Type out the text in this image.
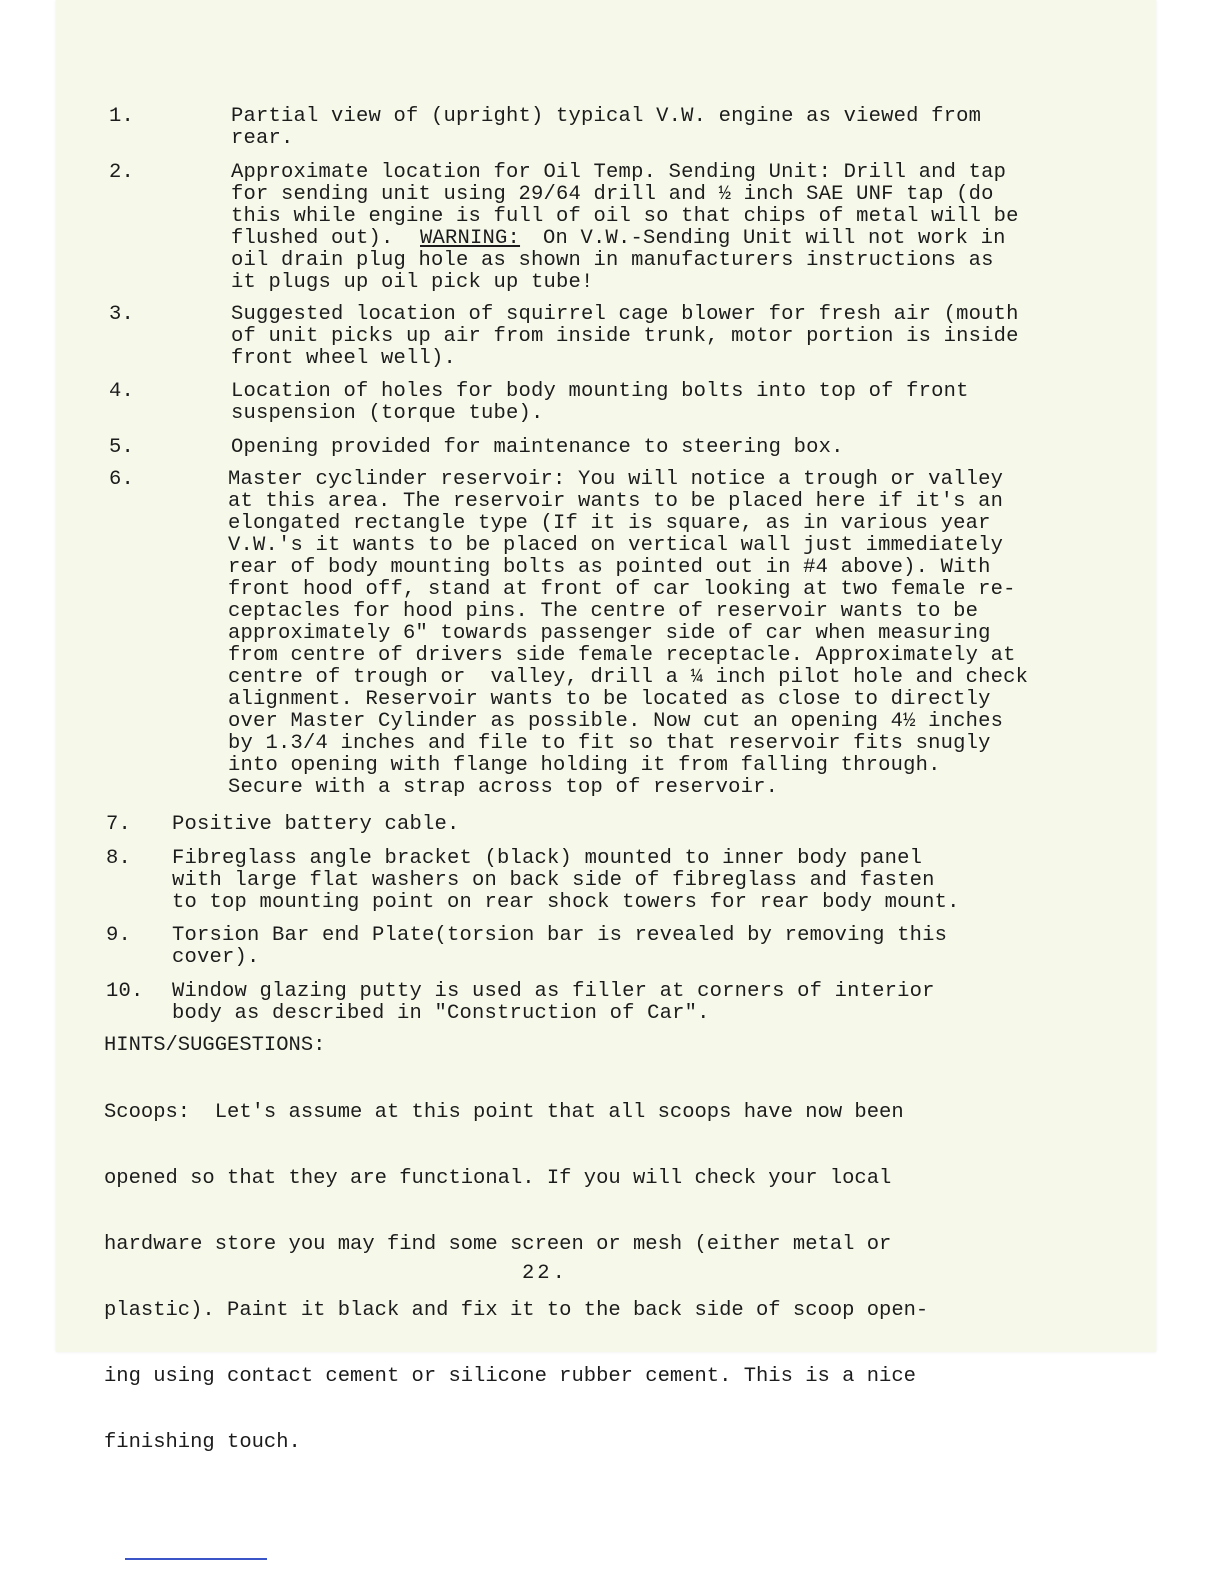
1.	Partial view of (upright) typical V.W. engine as viewed from
rear.
2.	Approximate location for Oil Temp. Sending Unit: Drill and tap
for sending unit using 29/64 drill and ½ inch SAE UNF tap (do
this while engine is full of oil so that chips of metal will be
flushed out). WARNING: On V.W.-Sending Unit will not work in
oil drain plug hole as shown in manufacturers instructions as
it plugs up oil pick up tube!
3.	Suggested location of squirrel cage blower for fresh air (mouth
of unit picks up air from inside trunk, motor portion is inside
front wheel well).
4.	Location of holes for body mounting bolts into top of front
suspension (torque tube).
5.	Opening provided for maintenance to steering box.
6.	Master cyclinder reservoir: You will notice a trough or valley
at this area. The reservoir wants to be placed here if it's an
elongated rectangle type (If it is square, as in various year
V.W.'s it wants to be placed on vertical wall just immediately
rear of body mounting bolts as pointed out in #4 above). With
front hood off, stand at front of car looking at two female re-
ceptacles for hood pins. The centre of reservoir wants to be
approximately 6" towards passenger side of car when measuring
from centre of drivers side female receptacle. Approximately at
centre of trough or  valley, drill a ¼ inch pilot hole and check
alignment. Reservoir wants to be located as close to directly
over Master Cylinder as possible. Now cut an opening 4½ inches
by 1.3/4 inches and file to fit so that reservoir fits snugly
into opening with flange holding it from falling through.
Secure with a strap across top of reservoir.
7. Positive battery cable.
8. Fibreglass angle bracket (black) mounted to inner body panel
with large flat washers on back side of fibreglass and fasten
to top mounting point on rear shock towers for rear body mount.
9. Torsion Bar end Plate(torsion bar is revealed by removing this
cover).
10. Window glazing putty is used as filler at corners of interior
body as described in "Construction of Car".
HINTS/SUGGESTIONS:

Scoops:  Let's assume at this point that all scoops have now been

opened so that they are functional. If you will check your local

hardware store you may find some screen or mesh (either metal or

plastic). Paint it black and fix it to the back side of scoop open-

ing using contact cement or silicone rubber cement. This is a nice

finishing touch.

22.
